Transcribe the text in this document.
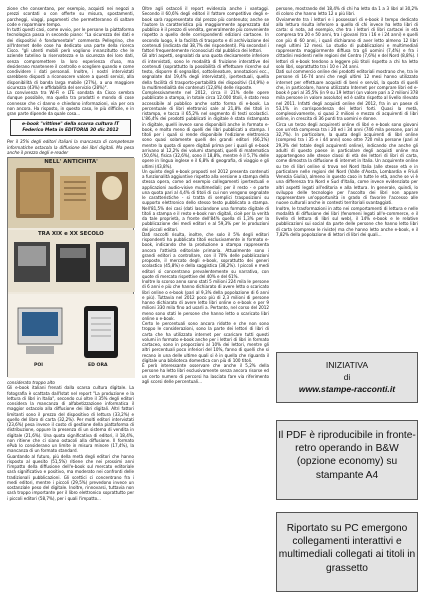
zione che consentano, per esempio, acquisti nei negozi a prezzi scontati o con offerte su misura, spostamenti, parcheggi, viaggi, pagamenti che permetteranno di saltare code e risparmiare tempo.

In tutti questi casi, come ovvio, per le persone la piattaforma tecnologica passa in secondo piano: "La sicurezza dei dati e dei dispositivi è fondamentale" commenta Pellegrino, che all'Internet delle cose ha dedicato una parte della ricerca Cisco. "gli utenti mobili però vogliono innanzitutto che le aziende tutelino la riservatezza e la sicurezza dei loro dati, senza compromettere la loro esperienza d'uso, ma desiderano mantenere il controllo e scegliere quando e come condividere i dati personali. Inoltre, i nostri intervistati sarebbero disposti a riconoscere valore a questi servizi, alla disponibilità di banda larga mobile (27%), a una maggiore sicurezza (43%) e affidabilità del servizio (28%)".

La convivenza tra Wi-Fi e LTE sondata da Cisco sembra dunque possibile, ma quella tra prodotti e mondo di cose connesse che ci danno e chiedono informazioni, via per ora non ancora. Ha risposto, in questo caso, le più difficile, e in gran parte dipende da quale cosa...

e-book "vittime" della scarsa cultura IT
Federico Meta in EDITORIA 30 dic 2012

Per il 35% degli editori italiani la mancanza di competenze informatiche ostacola la diffusione dei libri digitali. Ma pesa anche il prezzo degli e-reader

NELL' ANTICHITA'
TRA XIX e XX SECOLO
POI	ED ORA

considerato troppo alto

Gli e-book italiani frenati dalla scarsa cultura digitale. La fotografia è scattata dall'Istat nel report "La produzione e la lettura di libri in Italia", secondo cui oltre il 35% degli editori considera la mancanza di alfabetizzazione informatica il maggior ostacolo alla diffusione dei libri digitali. Altri fattori limitanti sono il prezzo del dispositivo di lettura (33,2%) e quello del libro di carta (32,2%). Per molti editori intervistati (23,6%) pesa invece il costo di gestione della piattaforma di distribuzione, oppure la presenza di un sistema di vendita in digitale (21,6%). Una quota significativa di editori, il 18,4%, non ritiene che ci siano ostacoli alla diffusione. Il formato ePub lo considerano un limite in misura minore (17,4%), la mancanza di un formato standard.

Guardando al futuro, più della metà degli editori che hanno risposto al quesito (51,5%) ritiene che nei prossimi anni l'impatto della diffusione dell'e-book sul mercato editoriale sarà significativo e positivo, ma moderato nei confronti delle tradizionali pubblicazioni. Gli scettici ci concentrano fra i medi editori, mentre i piccoli (29,5%) prevedono invece un sostanziale peso del digitale. Inoltre, rinnovarsi, tuttavia non sarà troppo importante per il libro elettronico soprattutto per i piccoli editori (58,7%), per i quali l'impatto...

Oltre agli ostacoli il report evidenzia anche i vantaggi. Secondo il 60,6% degli editori il fattore competitivo degli e-book sarà rappresentato dal prezzo più contenuto; anche se l'autore la caratteristica più maggiormente apprezzata dal pubblico è il prezzo di vendita, generalmente più conveniente rispetto a quello delle corrispondenti edizioni cartacee. In secondo luogo, è la facilità di trasporto e di archiviazione dei contenuti (indicata dal 38,7% dei rispondenti). Più secondari i fattori frequentemente riconosciuti dal pubblico dei lettori.

Gli altri aspetti, segnalati da una quota decisamente inferiore di intervistati, sono le modalità di fruizione interattive dei contenuti (soprattutto la possibilità di effettuare ricerche sul testo, disporre di segnalibri, sottolineature, annotazioni ecc., segnalate dal 19,4% degli intervistati), ipertestuali, quella della facilità di trasporto-portabilità dei dispositivi (14,9%) e la multimedialità dei contenuti (12,8%) delle risposte.

Complessivamente nel 2012, circa il 21% delle opere pubblicate a stampa, in totale circa 12.000 titoli, è stato reso accessibile al pubblico anche sotto forma di e-book. La percentuale di libri elettronici sale al 21,8% dei titoli in ristampa, e tocca il 65,2% nel segmento di testi scolastici. L'86,4% dei prodotti pubblicati in digitale è stata ristampata in digitale, quelli invece sono disponibili anche in formato e-book, e molto meno di quelli dei libri pubblicati a stampa. I titoli per i quali si rende disponibile l'edizione elettronica sono quasi solamente quelli dei grandi editori (66,1%) mentre la quota di opere digitali prima per i quali gli e-book arrivano al 12,2% dei volumi stampati, quelli di matematica (50,6%), fisica (32,6%), sono il 18,8%, mentre è il 5,7% delle opere in lingua inglese e il 6,8% di geografia, di viaggio e gli ultimi (43,8%).

Un quinto degli e-book proposti nel 2012 presenta contenuti a funzionalità aggiuntive rispetto alla versione a stampa della stessa opera, come ad esempio collegamenti ipertestuali e applicazioni audio-visive multimediali; per il resto - e parte una quota pari al 4,4% di titoli di cui non vengono segnalate le caratteristiche - si tratta di semplici trasposizioni su supporto elettronico dello stesso testo pubblicato a stampa. Nell'81,5% dei casi (dati lasciandone una formato digitale di titoli a stampa e il resto e-book non digitali, cioè per la verità da tale proprietà, a fronte dell'84% quella di 1,3% per la pubblicazione dei medi editori e al 59,3% per le produzioni dei piccoli editori.

Dati raccolti risulta, inoltre, che solo il 5% degli editori rispondenti ha pubblicato titoli esclusivamente in formato e-book, indicando che la produzione a stampa rappresenta ancora l'attività editoriale primaria. Attualmente sono i grandi editori a controllare, con il 70% delle pubblicazioni proposte, il mercato degli e-book, soprattutto dei generi scolastico (45,8%) e della saggistica (38,2%). I piccoli e medi editori si concentrano prevalentemente su narrativa, con quote di mercato rispettive del 40% e del 61%.

Inoltre lo scorso anno sono stati 5 milioni 224 mila le persone di 6 anni e più che hanno dichiarato di avere letto o scaricato libri online o e-book (pari al 9,3% della popolazione di 6 anni e più). Tuttavia nel 2012 poco più di 2,3 milioni di persone hanno dichiarato di avere letto libri online o e-book e per 9 milioni 330 mila fino ad usarli a. Pertanto, nel corso del 2012 meno sono stati le persone che hanno letto o scaricato libri online o e-book.

Certo le percentuali sono ancora ridotte e che non sono troppo le considerazioni, sono la parte dei lettori di libri di carta che ha utilizzato internet per scaricare tutti questi volumi in formato e-book anche per i lettori di libri in formato cartaceo, sono in proporzioni al 10% dei lettori, mentre gli altri percentuali poco inferiori del 10%, fanno di quelli che si recano in una delle ultime quali si è in quella che riguarda il digitale una biblioteca domestica con più di 100 titoli.

È però interessante osservare che anche il 5,2% della persone ha letto libri esclusivamente senza ancora risorse ed un certo numero di percorsi ha lasciato fare via riferimento agli scorsi delle percentuali...

persone, mostrando del 18,4% di chi ha letto da 1 a 3 libri al 30,2% di coloro che hanno letto 12 o più libri.

Ovviamente tra i lettori e i possessori di e-book il tempo dedicato alla lettura risulta inferiore a quello di chi invece ha letto libri di carta: si nota, ad esempio, che tra i lettori di libri cartacei in età compresa tra 20 e 50 anni, tra i giovani (tra i 16 e i 24 anni) e quelli con più di 60 anni, i quali dichiarano di aver letto almeno 12 libri negli ultimi 12 mesi. Lo studio di pubblicazioni e multimediali rappresenta maggiormente diffusa tra gli uomini (7,4%) e fra i cittadini residenti nelle regioni del Centro (7,6%) e del Nord (8,8%). I lettori di e-book tendono a leggere più titoli rispetto a chi ha letto solo libri, soprattutto tra i 10 e i 24 anni.

Dati sul commercio online dei prodotti editoriali mostrano che, tra le persone di 16-74 anni che negli ultimi 12 mesi hanno utilizzato internet per effettuare acquisti di beni e servizi, la quota di quelli che, in particolare, hanno utilizzato Internet per comprare libri ed e-book è pari al 35,5% (in 9 su 19 lettori (un valore pari a 2 milioni 378 mila persone in valore assoluto) ed è salito rispetto al livello rilevato nel 2011. Infatti degli acquisti online del 2012, fra in un paese di 53,1% in corrispondenza dei lettori forti. Quasi la metà, complessivamente, si quasi 2 milioni e mezzo di acquirenti di libri online, in crescita di 36 punti tra uomini e donne.

Circa un terzo degli acquirenti online di libri e e-book sono giovani con un'età compresa tra i 20 ed i 34 anni (746 mila persone, pari al 32,7%). In particolare, la quota degli acquirenti di libri online (compresi tra i 35 e i 44 anni) sono oltre 720 mila persone (pari al 29,3% del totale degli acquirenti online), indicando che anche gli adulti di questo paese in particolare degli acquisti online ma appartengono alle stesse classi di età dei lettori di libri di carta, come dimostra la diffusione di internet in Italia. Un acquirente online su tre di libri online si trova nel Nord Italia (alle stesse età e in particolare nelle regioni del Nord (Valle d'Aosta, Lombardia e Friuli Venezia Giulia), almeno in questo caso in tutte le età, anche se vi è una differenza tra Nord e Sud d'Italia, come invece evidenziato per altri aspetti legati all'editoria e alla lettura. In generale, quindi, lo sviluppo delle tecnologie per l'ascolto dei libri non appare rappresentare un'opportunità in grado di favorire l'accesso alle nuove culturali anche in contesti territoriali svantaggiati.

Inoltre, le trasformazioni in atto nei comportamenti di lettura e nelle modalità di diffusione dei libri (fenomeni legati all'e-commerce, e il livello di lettura di libri sul web), il 14% e-book e le relative pubblicazioni sui social da parte delle persone che hanno letto libri di carta (comprese le riviste) ma che hanno letto anche e-book, e il 7,82% della popolazione di lettori di libri dei quali...

INIZIATIVA
di
www.stampe-racconti.it
Il PDF è riproducibile in fronte-retro operando in B&W (opzione economy) su stampante A4
Riportato su PC emergono collegamenti interattivi e multimediali collegati ai titoli in grassetto
